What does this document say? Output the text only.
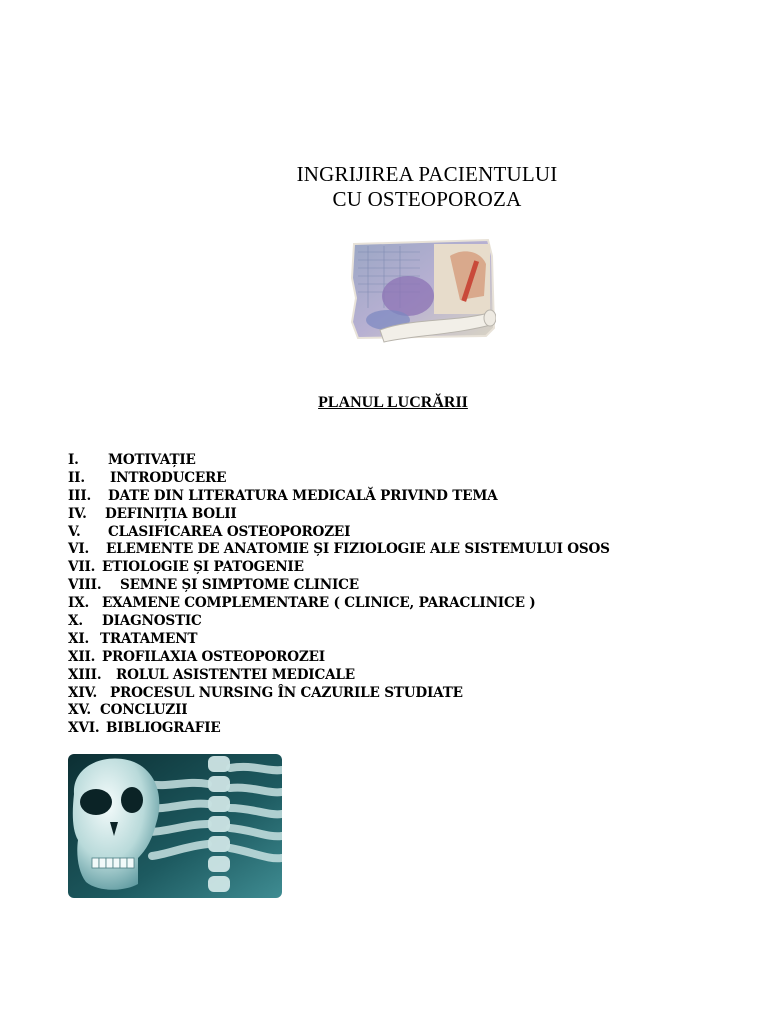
INGRIJIREA PACIENTULUI
CU OSTEOPOROZA
PLANUL LUCRĂRII
I. MOTIVAȚIE
II. INTRODUCERE
III. DATE DIN LITERATURA MEDICALĂ PRIVIND TEMA
IV. DEFINIȚIA BOLII
V. CLASIFICAREA OSTEOPOROZEI
VI. ELEMENTE DE ANATOMIE ȘI FIZIOLOGIE ALE SISTEMULUI OSOS
VII. ETIOLOGIE ȘI PATOGENIE
VIII. SEMNE ȘI SIMPTOME CLINICE
IX. EXAMENE COMPLEMENTARE ( CLINICE, PARACLINICE )
X. DIAGNOSTIC
XI. TRATAMENT
XII. PROFILAXIA OSTEOPOROZEI
XIII. ROLUL ASISTENTEI MEDICALE
XIV. PROCESUL NURSING ÎN CAZURILE STUDIATE
XV. CONCLUZII
XVI. BIBLIOGRAFIE
